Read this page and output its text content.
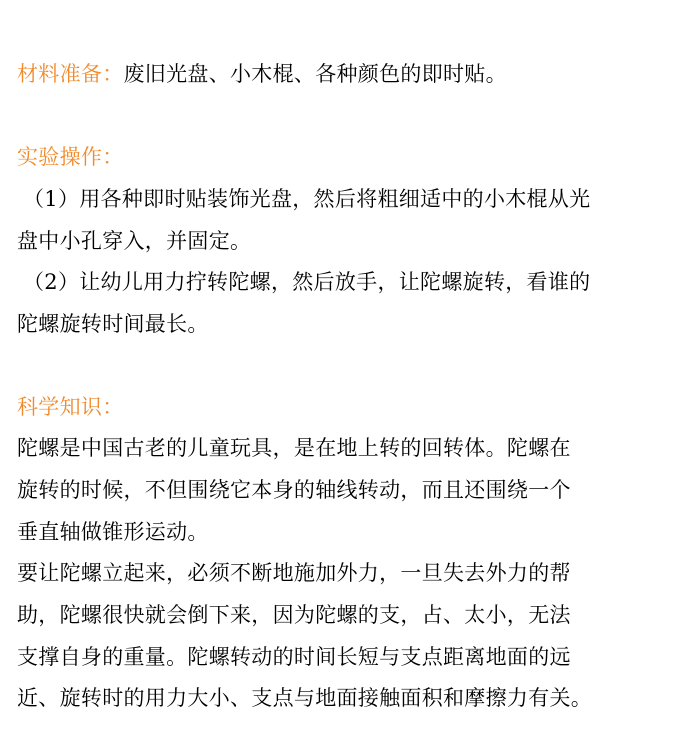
材料准备：废旧光盘、小木棍、各种颜色的即时贴。
实验操作：
（1）用各种即时贴装饰光盘，然后将粗细适中的小木棍从光
盘中小孔穿入，并固定。
（2）让幼儿用力拧转陀螺，然后放手，让陀螺旋转，看谁的
陀螺旋转时间最长。
科学知识：
陀螺是中国古老的儿童玩具，是在地上转的回转体。陀螺在
旋转的时候，不但围绕它本身的轴线转动，而且还围绕一个
垂直轴做锥形运动。
要让陀螺立起来，必须不断地施加外力，一旦失去外力的帮
助，陀螺很快就会倒下来，因为陀螺的支，占、太小，无法
支撑自身的重量。陀螺转动的时间长短与支点距离地面的远
近、旋转时的用力大小、支点与地面接触面积和摩擦力有关。
